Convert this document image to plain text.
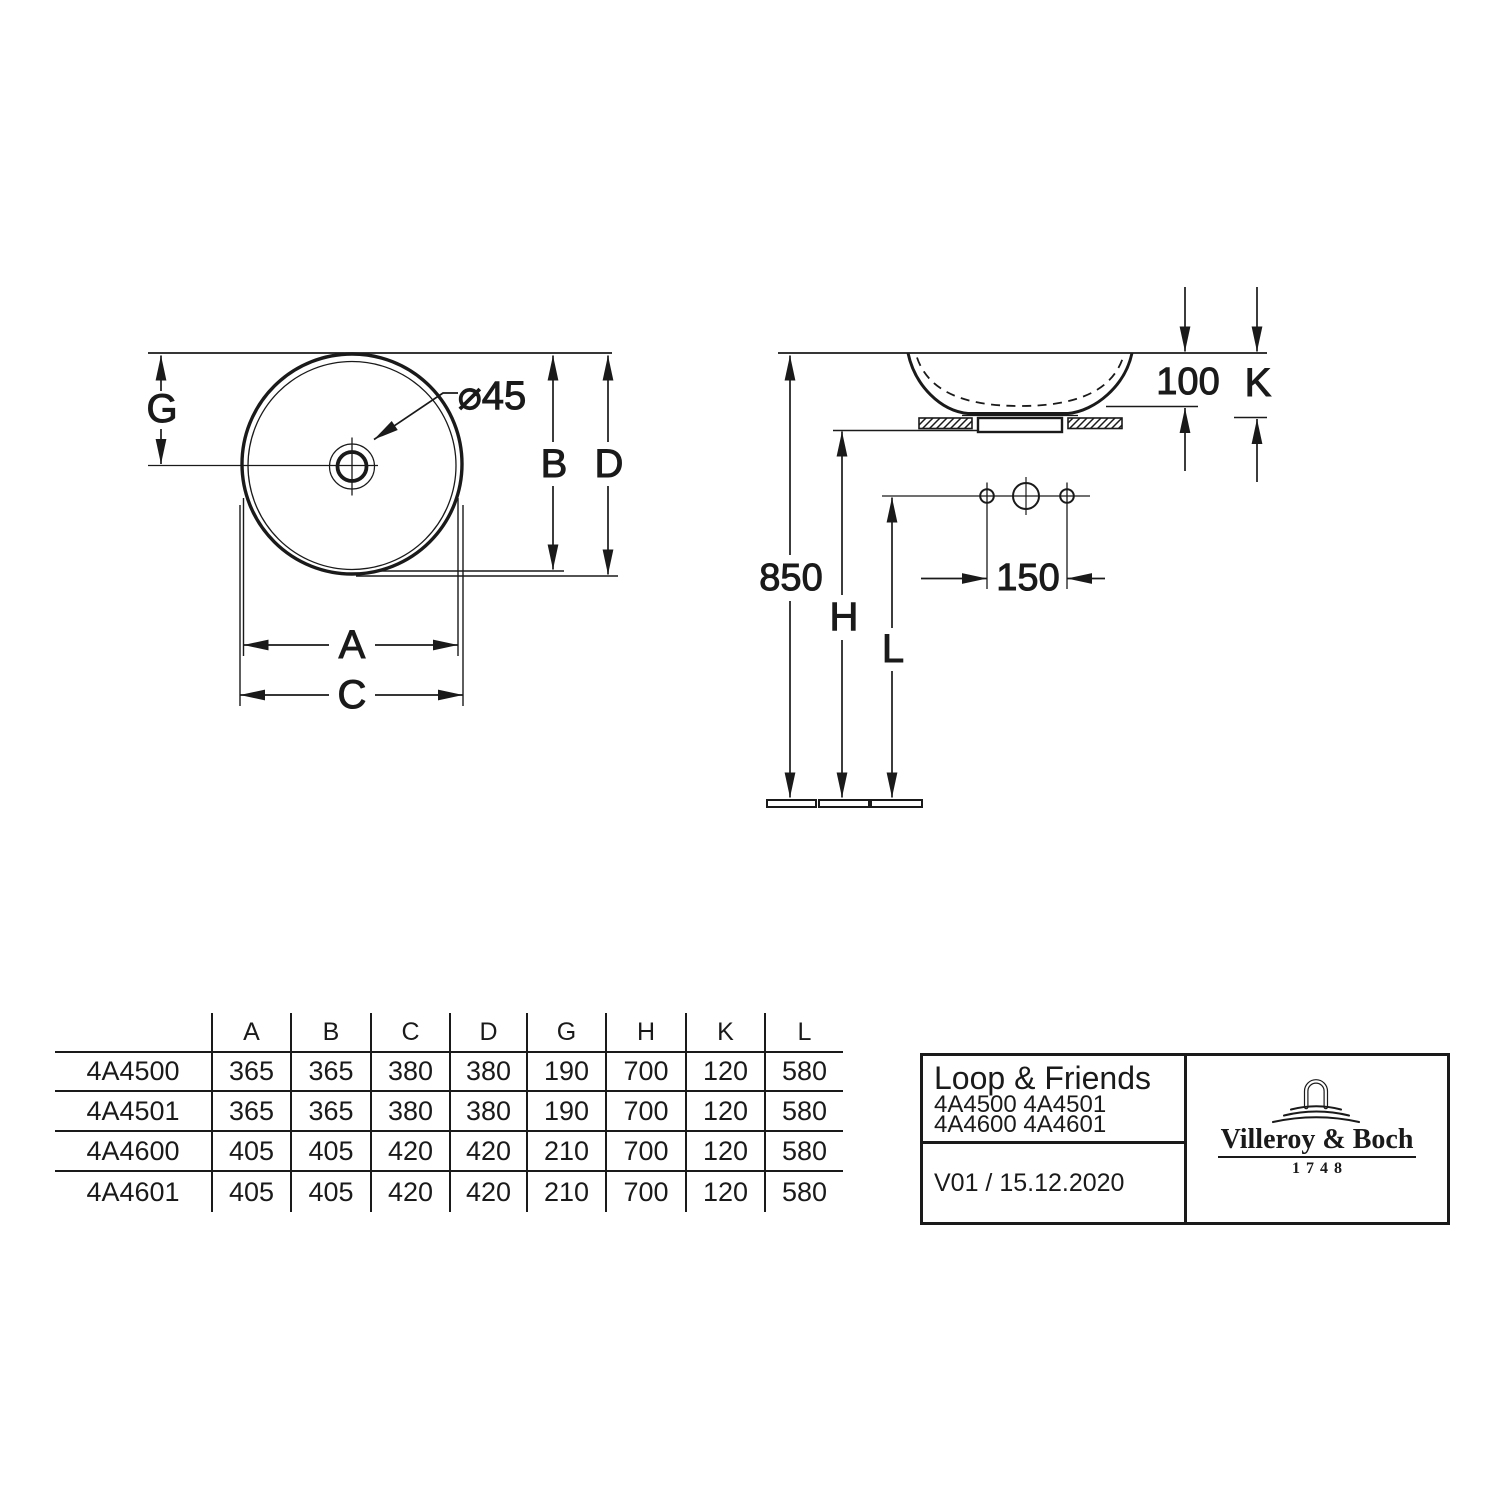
G	⌀45
B D
A
C
100 K
850
H
L
150
	A	B	C	D	G	H	K	L
4A4500	365	365	380	380	190	700	120	580
4A4501	365	365	380	380	190	700	120	580
4A4600	405	405	420	420	210	700	120	580
4A4601	405	405	420	420	210	700	120	580
Loop & Friends
4A4500 4A4501
4A4600 4A4601
V01 / 15.12.2020
Villeroy & Boch
1748
